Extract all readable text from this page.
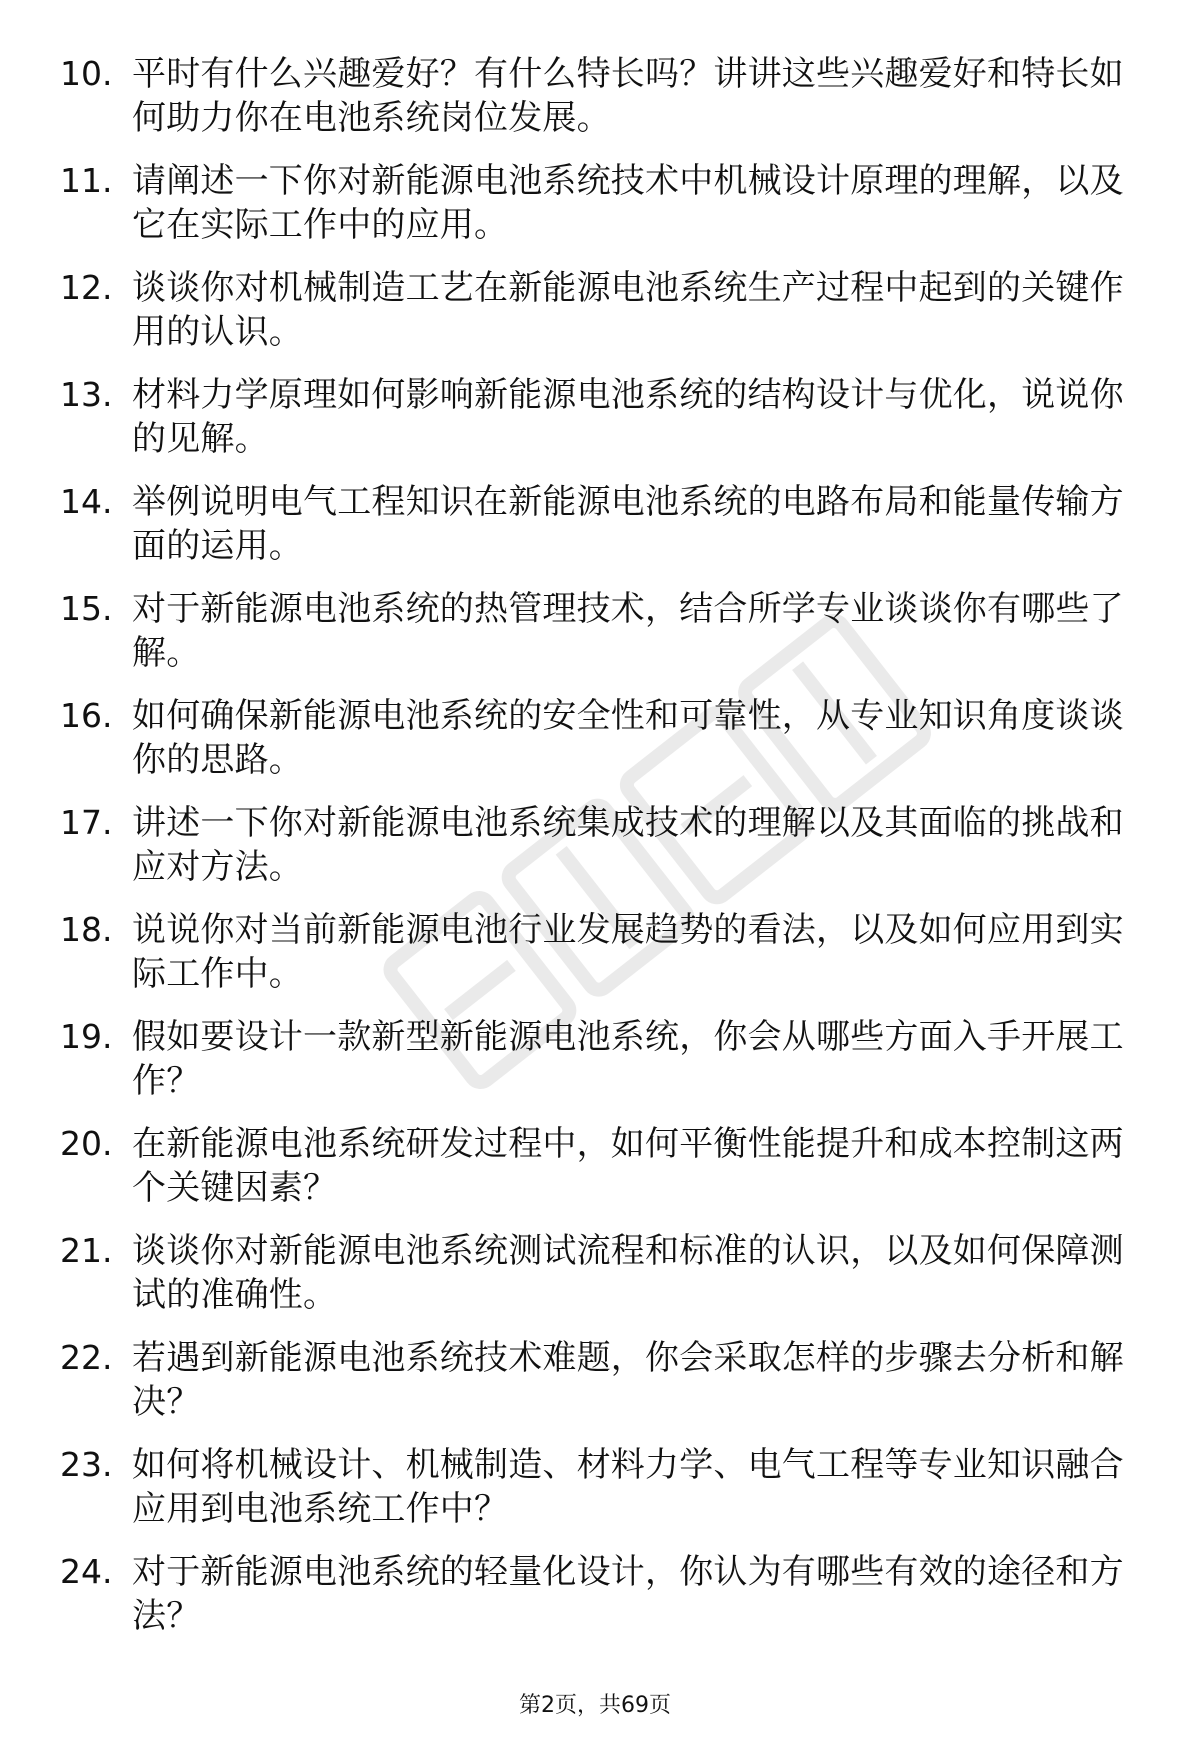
10. 平时有什么兴趣爱好？有什么特长吗？讲讲这些兴趣爱好和特长如何助力你在电池系统岗位发展。
11. 请阐述一下你对新能源电池系统技术中机械设计原理的理解，以及它在实际工作中的应用。
12. 谈谈你对机械制造工艺在新能源电池系统生产过程中起到的关键作用的认识。
13. 材料力学原理如何影响新能源电池系统的结构设计与优化，说说你的见解。
14. 举例说明电气工程知识在新能源电池系统的电路布局和能量传输方面的运用。
15. 对于新能源电池系统的热管理技术，结合所学专业谈谈你有哪些了解。
16. 如何确保新能源电池系统的安全性和可靠性，从专业知识角度谈谈你的思路。
17. 讲述一下你对新能源电池系统集成技术的理解以及其面临的挑战和应对方法。
18. 说说你对当前新能源电池行业发展趋势的看法，以及如何应用到实际工作中。
19. 假如要设计一款新型新能源电池系统，你会从哪些方面入手开展工作？
20. 在新能源电池系统研发过程中，如何平衡性能提升和成本控制这两个关键因素？
21. 谈谈你对新能源电池系统测试流程和标准的认识，以及如何保障测试的准确性。
22. 若遇到新能源电池系统技术难题，你会采取怎样的步骤去分析和解决？
23. 如何将机械设计、机械制造、材料力学、电气工程等专业知识融合应用到电池系统工作中？
24. 对于新能源电池系统的轻量化设计，你认为有哪些有效的途径和方法？
第2页，共69页
